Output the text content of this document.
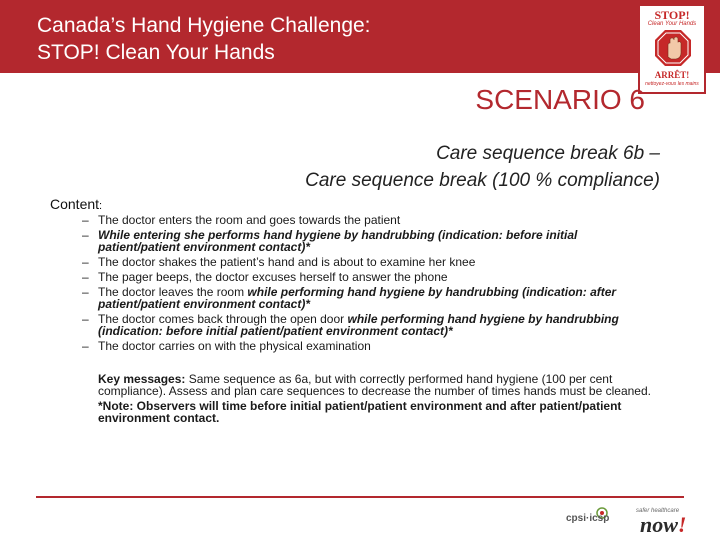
Canada’s Hand Hygiene Challenge:
STOP! Clean Your Hands
STOP!
Clean Your Hands
ARRÊT!
nettoyez-vous les mains
SCENARIO 6
Care sequence break 6b –
Care sequence break (100 % compliance)
Content:
– The doctor enters the room and goes towards the patient
– While entering she performs hand hygiene by handrubbing (indication: before initial patient/patient environment contact)*
– The doctor shakes the patient’s hand and is about to examine her knee
– The pager beeps, the doctor excuses herself to answer the phone
– The doctor leaves the room while performing hand hygiene by handrubbing (indication: after patient/patient environment contact)*
– The doctor comes back through the open door while performing hand hygiene by handrubbing (indication: before initial patient/patient environment contact)*
– The doctor carries on with the physical examination

Key messages: Same sequence as 6a, but with correctly performed hand hygiene (100 per cent compliance). Assess and plan care sequences to decrease the number of times hands must be cleaned.

*Note: Observers will time before initial patient/patient environment and after patient/patient environment contact.

cpsi·icsp
safer healthcare
now!
